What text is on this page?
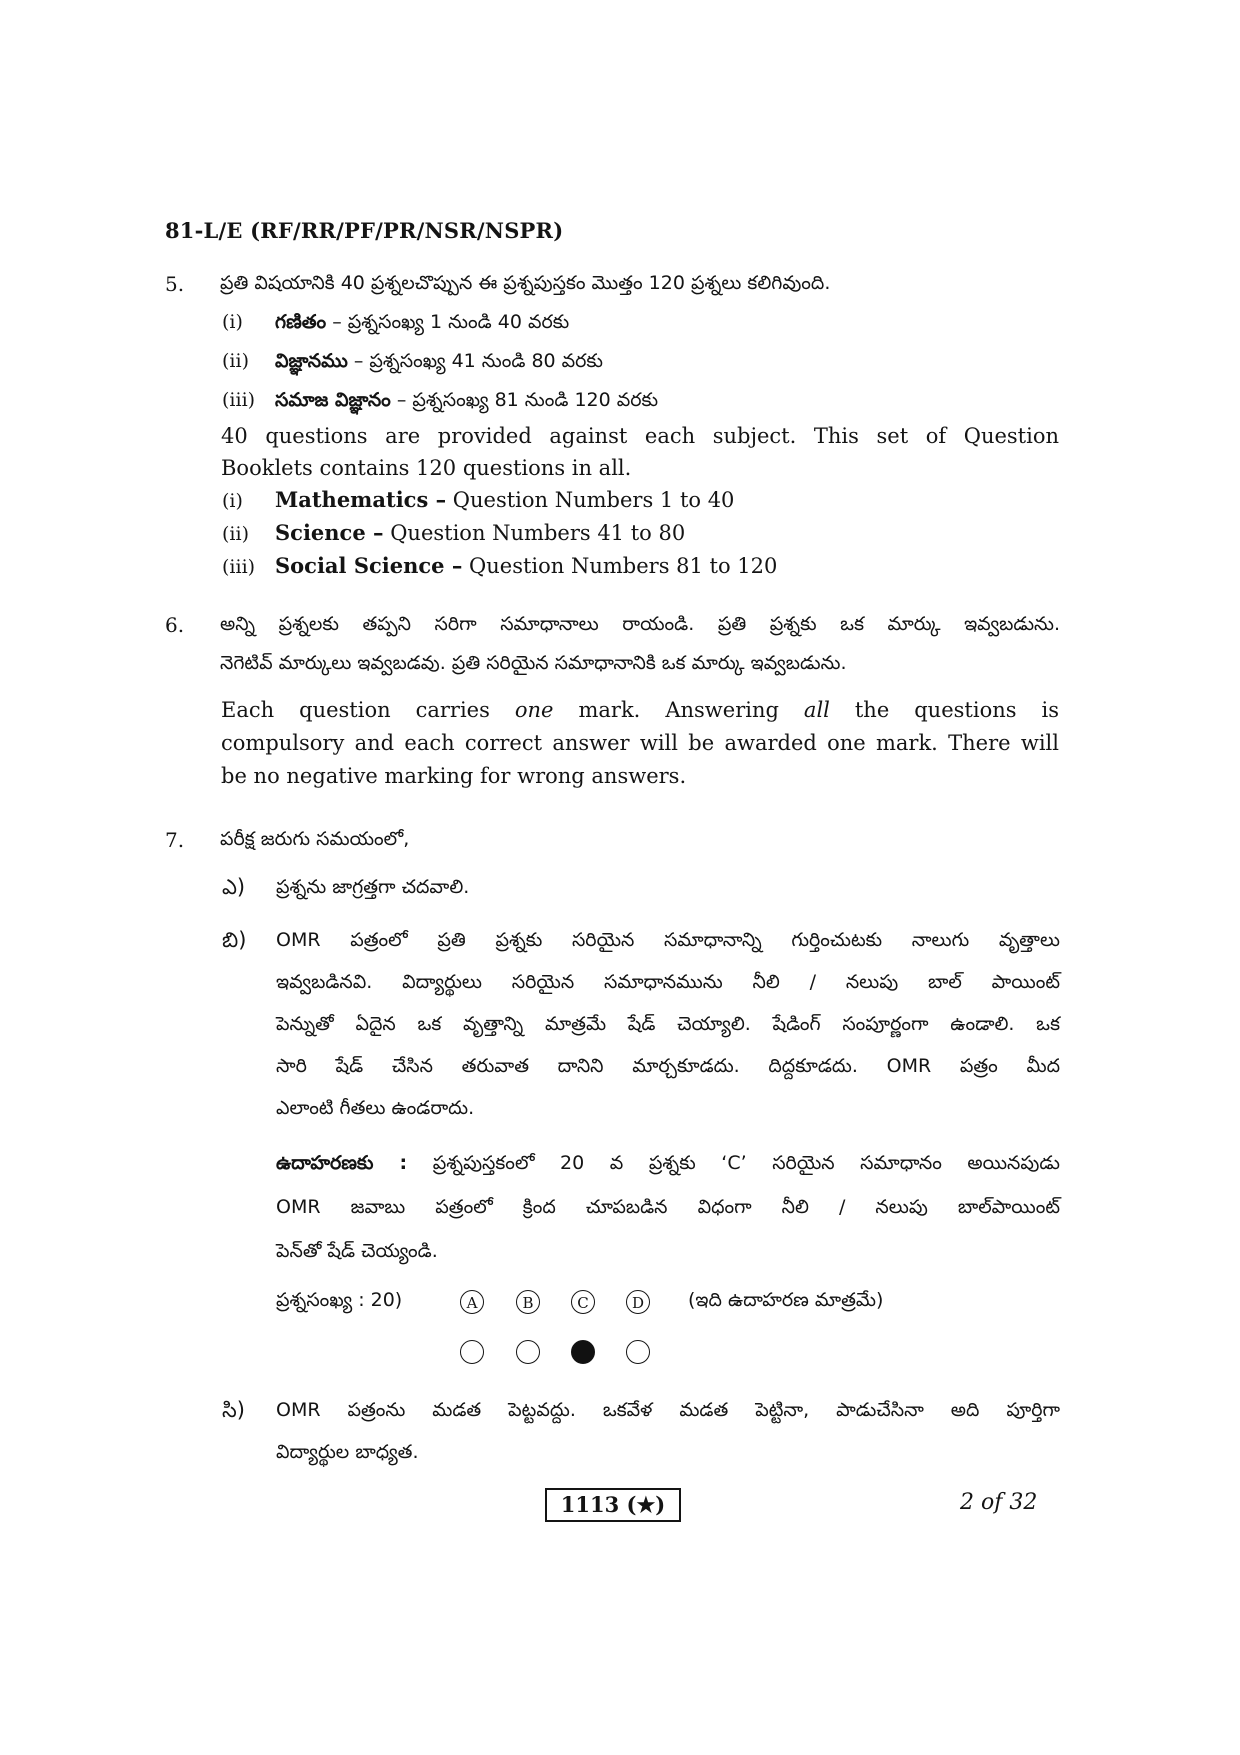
81-L/E (RF/RR/PF/PR/NSR/NSPR)
5. ప్రతి విషయానికి 40 ప్రశ్నలచొప్పున ఈ ప్రశ్నపుస్తకం మొత్తం 120 ప్రశ్నలు కలిగివుంది.
(i) గణితం – ప్రశ్నసంఖ్య 1 నుండి 40 వరకు
(ii) విజ్ఞానము – ప్రశ్నసంఖ్య 41 నుండి 80 వరకు
(iii) సమాజ విజ్ఞానం – ప్రశ్నసంఖ్య 81 నుండి 120 వరకు
40 questions are provided against each subject. This set of Question
Booklets contains 120 questions in all.
(i) Mathematics – Question Numbers 1 to 40
(ii) Science – Question Numbers 41 to 80
(iii) Social Science – Question Numbers 81 to 120
6. అన్ని ప్రశ్నలకు తప్పని సరిగా సమాధానాలు రాయండి. ప్రతి ప్రశ్నకు ఒక మార్కు ఇవ్వబడును.
నెగెటివ్ మార్కులు ఇవ్వబడవు. ప్రతి సరియైన సమాధానానికి ఒక మార్కు ఇవ్వబడును.
Each question carries one mark. Answering all the questions is
compulsory and each correct answer will be awarded one mark. There will
be no negative marking for wrong answers.
7. పరీక్ష జరుగు సమయంలో,
ఎ) ప్రశ్నను జాగ్రత్తగా చదవాలి.
బి) OMR పత్రంలో ప్రతి ప్రశ్నకు సరియైన సమాధానాన్ని గుర్తించుటకు నాలుగు వృత్తాలు
ఇవ్వబడినవి. విద్యార్థులు సరియైన సమాధానమును నీలి / నలుపు బాల్ పాయింట్
పెన్నుతో ఏదైన ఒక వృత్తాన్ని మాత్రమే షేడ్ చెయ్యాలి. షేడింగ్ సంపూర్ణంగా ఉండాలి. ఒక
సారి షేడ్ చేసిన తరువాత దానిని మార్చకూడదు. దిద్దకూడదు. OMR పత్రం మీద
ఎలాంటి గీతలు ఉండరాదు.
ఉదాహరణకు : ప్రశ్నపుస్తకంలో 20 వ ప్రశ్నకు ‘C’ సరియైన సమాధానం అయినపుడు
OMR జవాబు పత్రంలో క్రింద చూపబడిన విధంగా నీలి / నలుపు బాల్‌పాయింట్
పెన్‌తో షేడ్ చెయ్యండి.
ప్రశ్నసంఖ్య : 20)	A	B	C	D	(ఇది ఉదాహరణ మాత్రమే)
సి) OMR పత్రంను మడత పెట్టవద్దు. ఒకవేళ మడత పెట్టినా, పాడుచేసినా అది పూర్తిగా
విద్యార్థుల బాధ్యత.
1113 (★)	2 of 32
